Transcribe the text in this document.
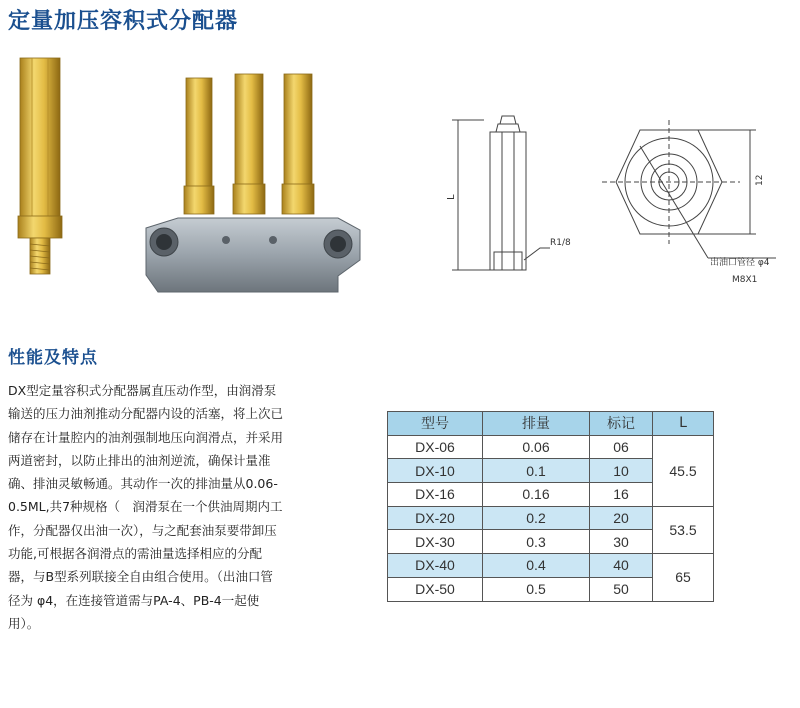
定量加压容积式分配器
L
R1/8
12
出油口管径 φ4
M8X1
性能及特点
DX型定量容积式分配器属直压动作型，由润滑泵输送的压力油剂推动分配器内设的活塞，将上次已储存在计量腔内的油剂强制地压向润滑点，并采用两道密封，以防止排出的油剂逆流，确保计量准确、排油灵敏畅通。其动作一次的排油量从0.06-0.5ML,共7种规格（　润滑泵在一个供油周期内工作，分配器仅出油一次），与之配套油泵要带卸压功能,可根据各润滑点的需油量选择相应的分配器，与B型系列联接全自由组合使用。（出油口管径为 φ4，在连接管道需与PA-4、PB-4一起使用）。
型号	排量	标记	L
DX-06	0.06	06	45.5
DX-10	0.1	10	
DX-16	0.16	16	
DX-20	0.2	20	53.5
DX-30	0.3	30	
DX-40	0.4	40	65
DX-50	0.5	50	
